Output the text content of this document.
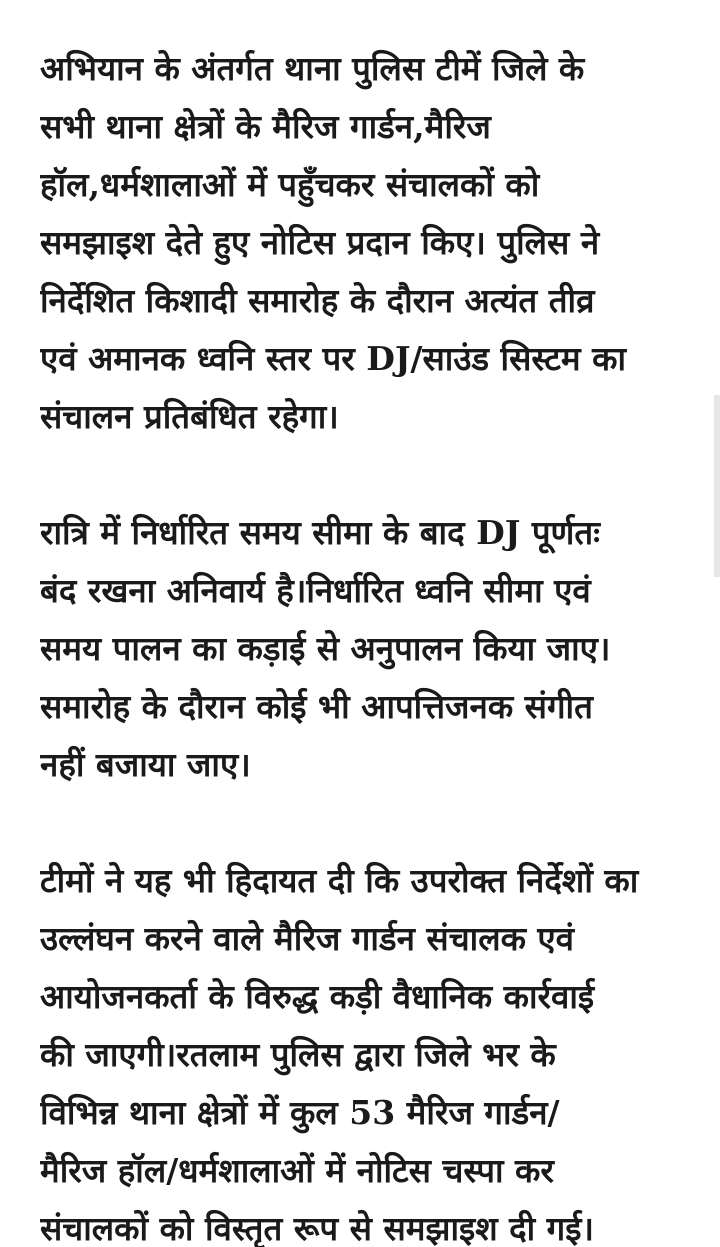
अभियान के अंतर्गत थाना पुलिस टीमें जिले के
सभी थाना क्षेत्रों के मैरिज गार्डन,मैरिज
हॉल,धर्मशालाओं में पहुँचकर संचालकों को
समझाइश देते हुए नोटिस प्रदान किए। पुलिस ने
निर्देशित किशादी समारोह के दौरान अत्यंत तीव्र
एवं अमानक ध्वनि स्तर पर DJ/साउंड सिस्टम का
संचालन प्रतिबंधित रहेगा।
रात्रि में निर्धारित समय सीमा के बाद DJ पूर्णतः
बंद रखना अनिवार्य है।निर्धारित ध्वनि सीमा एवं
समय पालन का कड़ाई से अनुपालन किया जाए।
समारोह के दौरान कोई भी आपत्तिजनक संगीत
नहीं बजाया जाए।
टीमों ने यह भी हिदायत दी कि उपरोक्त निर्देशों का
उल्लंघन करने वाले मैरिज गार्डन संचालक एवं
आयोजनकर्ता के विरुद्ध कड़ी वैधानिक कार्रवाई
की जाएगी।रतलाम पुलिस द्वारा जिले भर के
विभिन्न थाना क्षेत्रों में कुल 53 मैरिज गार्डन/
मैरिज हॉल/धर्मशालाओं में नोटिस चस्पा कर
संचालकों को विस्तृत रूप से समझाइश दी गई।
